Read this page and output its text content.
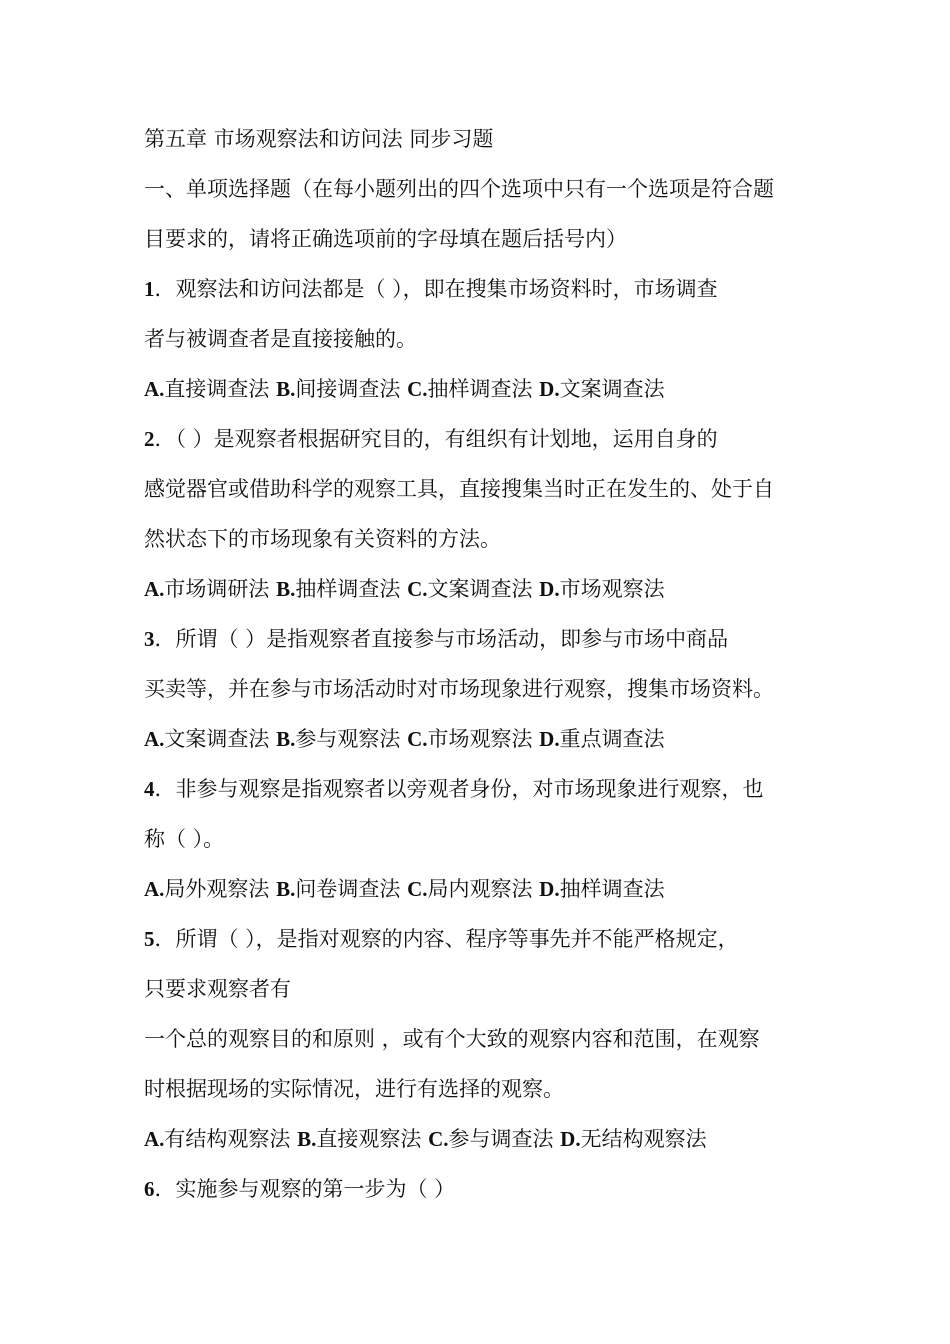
第五章 市场观察法和访问法 同步习题
一、单项选择题（在每小题列出的四个选项中只有一个选项是符合题
目要求的，请将正确选项前的字母填在题后括号内）
1．观察法和访问法都是（ ），即在搜集市场资料时，市场调查
者与被调查者是直接接触的。
A.直接调查法 B.间接调查法 C.抽样调查法 D.文案调查法
2．（ ）是观察者根据研究目的，有组织有计划地，运用自身的
感觉器官或借助科学的观察工具，直接搜集当时正在发生的、处于自
然状态下的市场现象有关资料的方法。
A.市场调研法 B.抽样调查法 C.文案调查法 D.市场观察法
3．所谓（ ）是指观察者直接参与市场活动，即参与市场中商品
买卖等，并在参与市场活动时对市场现象进行观察，搜集市场资料。
A.文案调查法 B.参与观察法 C.市场观察法 D.重点调查法
4．非参与观察是指观察者以旁观者身份，对市场现象进行观察，也
称（ ）。
A.局外观察法 B.问卷调查法 C.局内观察法 D.抽样调查法
5．所谓（ ），是指对观察的内容、程序等事先并不能严格规定，
只要求观察者有
一个总的观察目的和原则 ，或有个大致的观察内容和范围，在观察
时根据现场的实际情况，进行有选择的观察。
A.有结构观察法 B.直接观察法 C.参与调查法 D.无结构观察法
6．实施参与观察的第一步为（ ）
